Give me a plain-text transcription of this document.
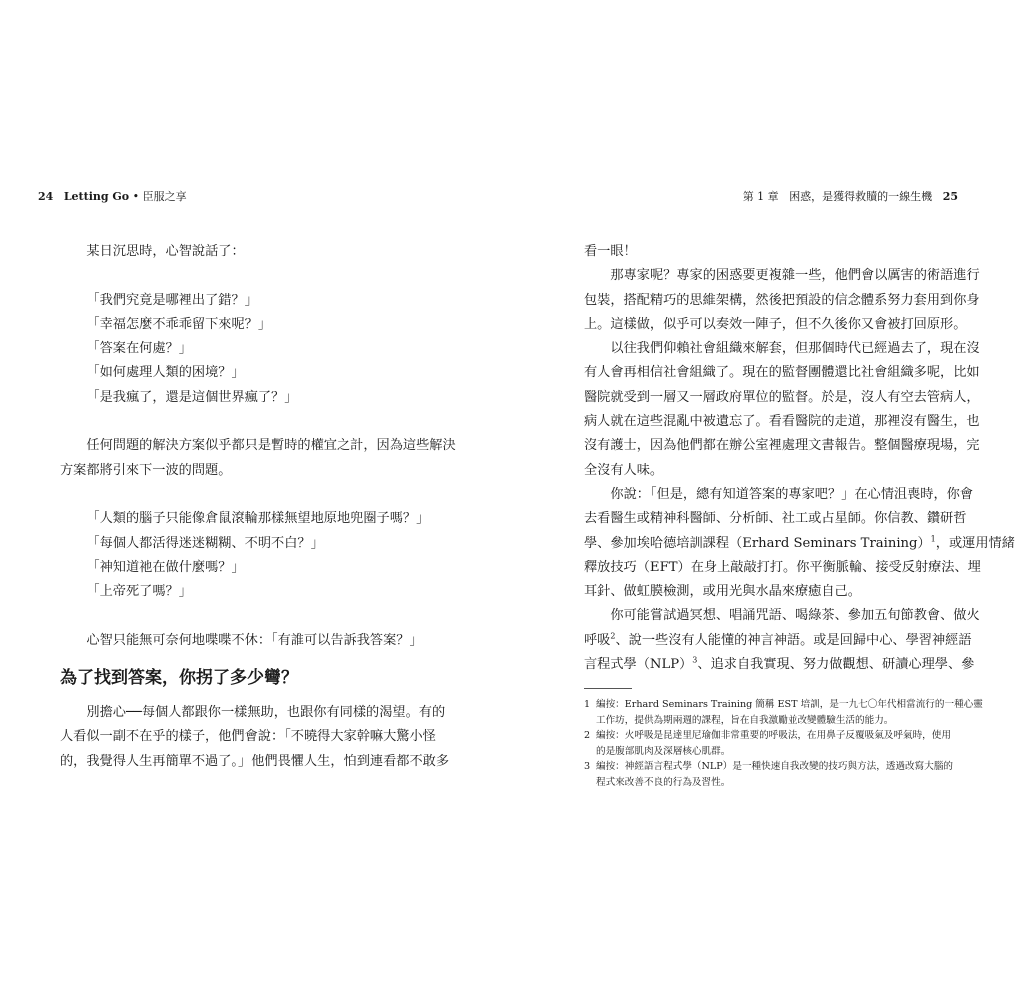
24 Letting Go • 臣服之享
某日沉思時，心智說話了：
「我們究竟是哪裡出了錯？」
「幸福怎麼不乖乖留下來呢？」
「答案在何處？」
「如何處理人類的困境？」
「是我瘋了，還是這個世界瘋了？」
任何問題的解決方案似乎都只是暫時的權宜之計，因為這些解決
方案都將引來下一波的問題。
「人類的腦子只能像倉鼠滾輪那樣無望地原地兜圈子嗎？」
「每個人都活得迷迷糊糊、不明不白？」
「神知道祂在做什麼嗎？」
「上帝死了嗎？」
心智只能無可奈何地喋喋不休：「有誰可以告訴我答案？」
為了找到答案，你拐了多少彎？
別擔心──每個人都跟你一樣無助，也跟你有同樣的渴望。有的
人看似一副不在乎的樣子，他們會說：「不曉得大家幹嘛大驚小怪
的，我覺得人生再簡單不過了。」他們畏懼人生，怕到連看都不敢多
第 1 章 困惑，是獲得救贖的一線生機 25
看一眼！
那專家呢？專家的困惑要更複雜一些，他們會以厲害的術語進行
包裝，搭配精巧的思維架構，然後把預設的信念體系努力套用到你身
上。這樣做，似乎可以奏效一陣子，但不久後你又會被打回原形。
以往我們仰賴社會組織來解套，但那個時代已經過去了，現在沒
有人會再相信社會組織了。現在的監督團體還比社會組織多呢，比如
醫院就受到一層又一層政府單位的監督。於是，沒人有空去管病人，
病人就在這些混亂中被遺忘了。看看醫院的走道，那裡沒有醫生，也
沒有護士，因為他們都在辦公室裡處理文書報告。整個醫療現場，完
全沒有人味。
你說：「但是，總有知道答案的專家吧？」在心情沮喪時，你會
去看醫生或精神科醫師、分析師、社工或占星師。你信教、鑽研哲
學、參加埃哈德培訓課程（Erhard Seminars Training）$^1$，或運用情緒
釋放技巧（EFT）在身上敲敲打打。你平衡脈輪、接受反射療法、埋
耳針、做虹膜檢測，或用光與水晶來療癒自己。
你可能嘗試過冥想、唱誦咒語、喝綠茶、參加五旬節教會、做火
呼吸$^2$、說一些沒有人能懂的神言神語。或是回歸中心、學習神經語
言程式學（NLP）$^3$、追求自我實現、努力做觀想、研讀心理學、參
1 編按：Erhard Seminars Training 簡稱 EST 培訓，是一九七〇年代相當流行的一種心靈
工作坊，提供為期兩週的課程，旨在自我激勵並改變體驗生活的能力。
2 編按：火呼吸是昆達里尼瑜伽非常重要的呼吸法，在用鼻子反覆吸氣及呼氣時，使用
的是腹部肌肉及深層核心肌群。
3 編按：神經語言程式學（NLP）是一種快速自我改變的技巧與方法，透過改寫大腦的
程式來改善不良的行為及習性。
